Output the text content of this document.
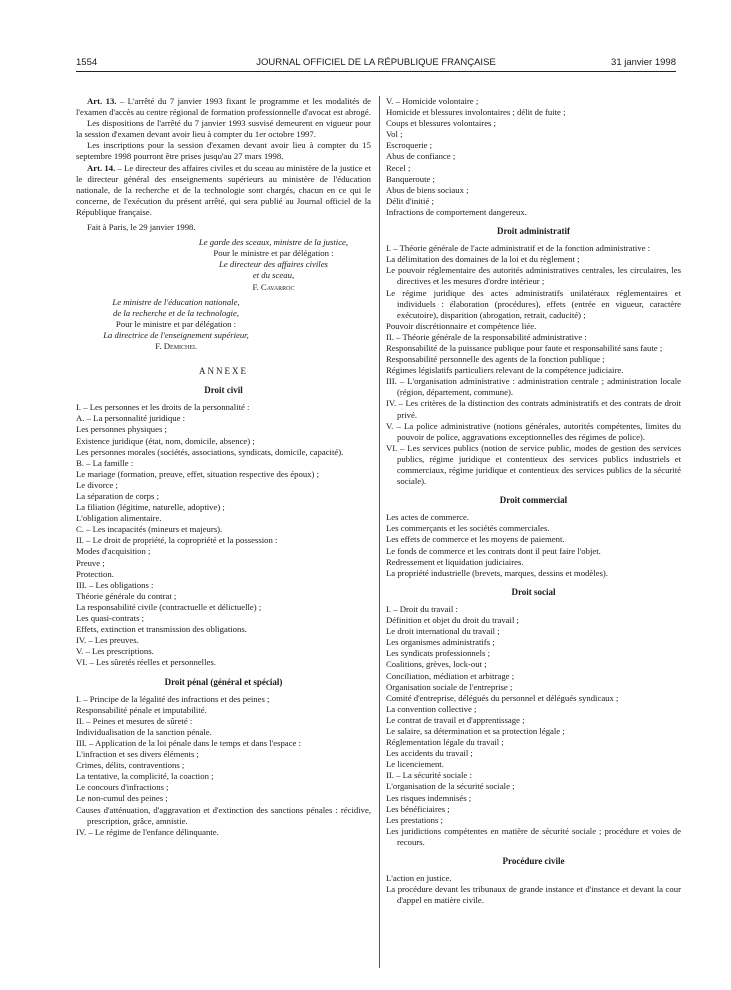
1554	JOURNAL OFFICIEL DE LA RÉPUBLIQUE FRANÇAISE	31 janvier 1998

Art. 13. – L'arrêté du 7 janvier 1993 fixant le programme et les modalités de l'examen d'accès au centre régional de formation professionnelle d'avocat est abrogé.

Les dispositions de l'arrêté du 7 janvier 1993 susvisé demeurent en vigueur pour la session d'examen devant avoir lieu à compter du 1er octobre 1997.

Les inscriptions pour la session d'examen devant avoir lieu à compter du 15 septembre 1998 pourront être prises jusqu'au 27 mars 1998.

Art. 14. – Le directeur des affaires civiles et du sceau au ministère de la justice et le directeur général des enseignements supérieurs au ministère de l'éducation nationale, de la recherche et de la technologie sont chargés, chacun en ce qui le concerne, de l'exécution du présent arrêté, qui sera publié au Journal officiel de la République française.

Fait à Paris, le 29 janvier 1998.

Le garde des sceaux, ministre de la justice,

Pour le ministre et par délégation :

Le directeur des affaires civiles

et du sceau,

F. Cavarroc

Le ministre de l'éducation nationale,

de la recherche et de la technologie,

Pour le ministre et par délégation :

La directrice de l'enseignement supérieur,

F. Demichel

ANNEXE

Droit civil

I. – Les personnes et les droits de la personnalité :

A. – La personnalité juridique :

Les personnes physiques ;

Existence juridique (état, nom, domicile, absence) ;

Les personnes morales (sociétés, associations, syndicats, domicile, capacité).

B. – La famille :

Le mariage (formation, preuve, effet, situation respective des époux) ;

Le divorce ;

La séparation de corps ;

La filiation (légitime, naturelle, adoptive) ;

L'obligation alimentaire.

C. – Les incapacités (mineurs et majeurs).

II. – Le droit de propriété, la copropriété et la possession :

Modes d'acquisition ;

Preuve ;

Protection.

III. – Les obligations :

Théorie générale du contrat ;

La responsabilité civile (contractuelle et délictuelle) ;

Les quasi-contrats ;

Effets, extinction et transmission des obligations.

IV. – Les preuves.

V. – Les prescriptions.

VI. – Les sûretés réelles et personnelles.

Droit pénal (général et spécial)

I. – Principe de la légalité des infractions et des peines ;

Responsabilité pénale et imputabilité.

II. – Peines et mesures de sûreté :

Individualisation de la sanction pénale.

III. – Application de la loi pénale dans le temps et dans l'espace :

L'infraction et ses divers éléments ;

Crimes, délits, contraventions ;

La tentative, la complicité, la coaction ;

Le concours d'infractions ;

Le non-cumul des peines ;

Causes d'atténuation, d'aggravation et d'extinction des sanctions pénales : récidive, prescription, grâce, amnistie.

IV. – Le régime de l'enfance délinquante.

V. – Homicide volontaire ;

Homicide et blessures involontaires ; délit de fuite ;

Coups et blessures volontaires ;

Vol ;

Escroquerie ;

Abus de confiance ;

Recel ;

Banqueroute ;

Abus de biens sociaux ;

Délit d'initié ;

Infractions de comportement dangereux.

Droit administratif

I. – Théorie générale de l'acte administratif et de la fonction administrative :

La délimitation des domaines de la loi et du règlement ;

Le pouvoir réglementaire des autorités administratives centrales, les circulaires, les directives et les mesures d'ordre intérieur ;

Le régime juridique des actes administratifs unilatéraux réglementaires et individuels : élaboration (procédures), effets (entrée en vigueur, caractère exécutoire), disparition (abrogation, retrait, caducité) ;

Pouvoir discrétionnaire et compétence liée.

II. – Théorie générale de la responsabilité administrative :

Responsabilité de la puissance publique pour faute et responsabilité sans faute ;

Responsabilité personnelle des agents de la fonction publique ;

Régimes législatifs particuliers relevant de la compétence judiciaire.

III. – L'organisation administrative : administration centrale ; administration locale (région, département, commune).

IV. – Les critères de la distinction des contrats administratifs et des contrats de droit privé.

V. – La police administrative (notions générales, autorités compétentes, limites du pouvoir de police, aggravations exceptionnelles des régimes de police).

VI. – Les services publics (notion de service public, modes de gestion des services publics, régime juridique et contentieux des services publics industriels et commerciaux, régime juridique et contentieux des services publics de la sécurité sociale).

Droit commercial

Les actes de commerce.

Les commerçants et les sociétés commerciales.

Les effets de commerce et les moyens de paiement.

Le fonds de commerce et les contrats dont il peut faire l'objet.

Redressement et liquidation judiciaires.

La propriété industrielle (brevets, marques, dessins et modèles).

Droit social

I. – Droit du travail :

Définition et objet du droit du travail ;

Le droit international du travail ;

Les organismes administratifs ;

Les syndicats professionnels ;

Coalitions, grèves, lock-out ;

Conciliation, médiation et arbitrage ;

Organisation sociale de l'entreprise ;

Comité d'entreprise, délégués du personnel et délégués syndicaux ;

La convention collective ;

Le contrat de travail et d'apprentissage ;

Le salaire, sa détermination et sa protection légale ;

Réglementation légale du travail ;

Les accidents du travail ;

Le licenciement.

II. – La sécurité sociale :

L'organisation de la sécurité sociale ;

Les risques indemnisés ;

Les bénéficiaires ;

Les prestations ;

Les juridictions compétentes en matière de sécurité sociale ; procédure et voies de recours.

Procédure civile

L'action en justice.

La procédure devant les tribunaux de grande instance et d'instance et devant la cour d'appel en matière civile.
